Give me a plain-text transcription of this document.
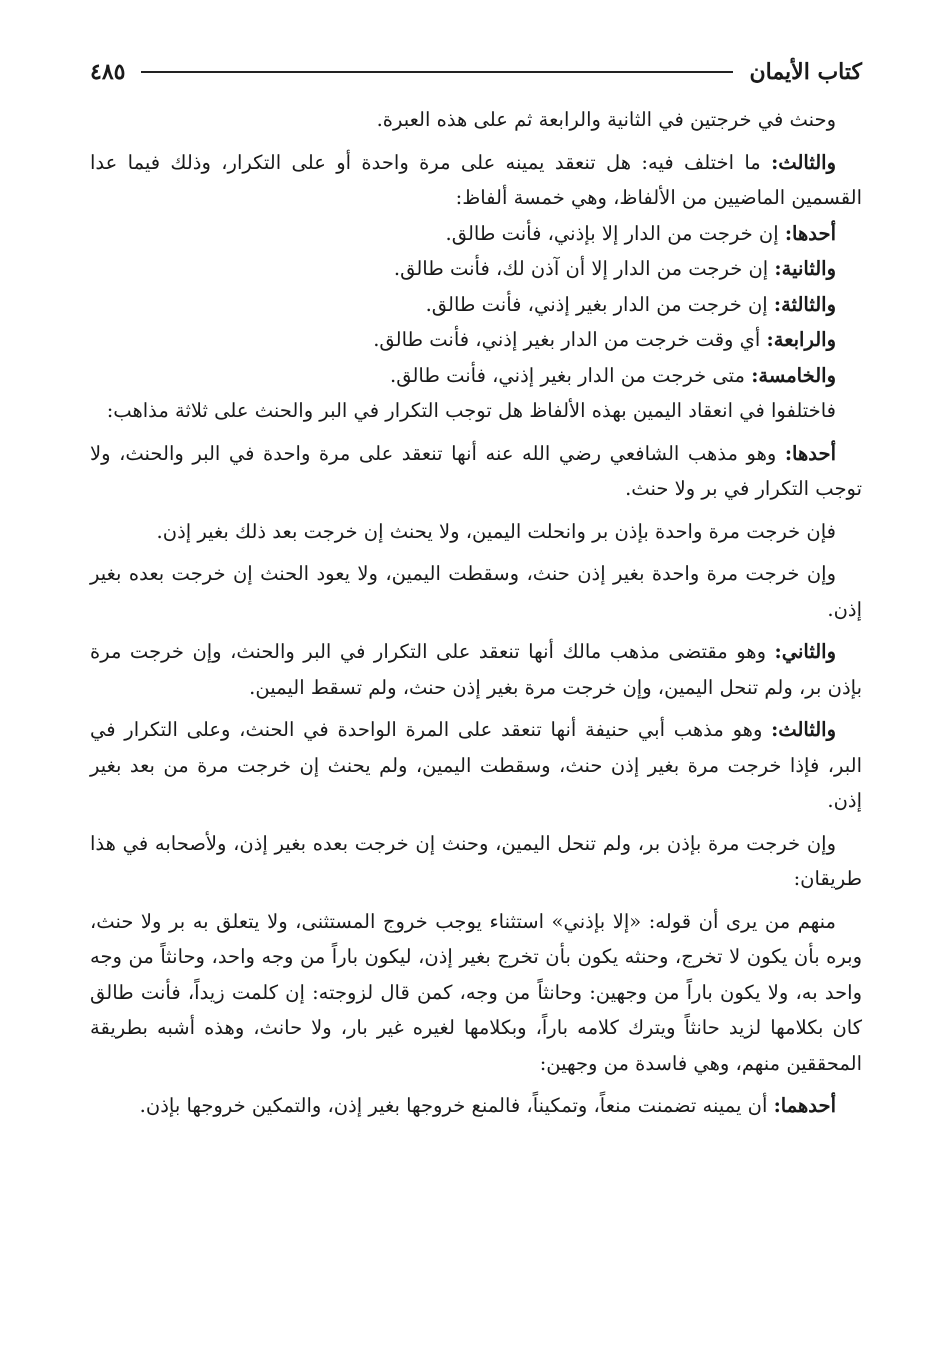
كتاب الأيمان
٤٨٥

وحنث في خرجتين في الثانية والرابعة ثم على هذه العبرة.

والثالث: ما اختلف فيه: هل تنعقد يمينه على مرة واحدة أو على التكرار، وذلك فيما عدا القسمين الماضيين من الألفاظ، وهي خمسة ألفاظ:

أحدها: إن خرجت من الدار إلا بإذني، فأنت طالق.

والثانية: إن خرجت من الدار إلا أن آذن لك، فأنت طالق.

والثالثة: إن خرجت من الدار بغير إذني، فأنت طالق.

والرابعة: أي وقت خرجت من الدار بغير إذني، فأنت طالق.

والخامسة: متى خرجت من الدار بغير إذني، فأنت طالق.

فاختلفوا في انعقاد اليمين بهذه الألفاظ هل توجب التكرار في البر والحنث على ثلاثة مذاهب:

أحدها: وهو مذهب الشافعي رضي الله عنه أنها تنعقد على مرة واحدة في البر والحنث، ولا توجب التكرار في بر ولا حنث.

فإن خرجت مرة واحدة بإذن بر وانحلت اليمين، ولا يحنث إن خرجت بعد ذلك بغير إذن.

وإن خرجت مرة واحدة بغير إذن حنث، وسقطت اليمين، ولا يعود الحنث إن خرجت بعده بغير إذن.

والثاني: وهو مقتضى مذهب مالك أنها تنعقد على التكرار في البر والحنث، وإن خرجت مرة بإذن بر، ولم تنحل اليمين، وإن خرجت مرة بغير إذن حنث، ولم تسقط اليمين.

والثالث: وهو مذهب أبي حنيفة أنها تنعقد على المرة الواحدة في الحنث، وعلى التكرار في البر، فإذا خرجت مرة بغير إذن حنث، وسقطت اليمين، ولم يحنث إن خرجت مرة من بعد بغير إذن.

وإن خرجت مرة بإذن بر، ولم تنحل اليمين، وحنث إن خرجت بعده بغير إذن، ولأصحابه في هذا طريقان:

منهم من يرى أن قوله: «إلا بإذني» استثناء يوجب خروج المستثنى، ولا يتعلق به بر ولا حنث، وبره بأن يكون لا تخرج، وحنثه يكون بأن تخرج بغير إذن، ليكون باراً من وجه واحد، وحانثاً من وجه واحد به، ولا يكون باراً من وجهين: وحانثاً من وجه، كمن قال لزوجته: إن كلمت زيداً، فأنت طالق كان بكلامها لزيد حانثاً ويترك كلامه باراً، وبكلامها لغيره غير بار، ولا حانث، وهذه أشبه بطريقة المحققين منهم، وهي فاسدة من وجهين:

أحدهما: أن يمينه تضمنت منعاً، وتمكيناً، فالمنع خروجها بغير إذن، والتمكين خروجها بإذن.
